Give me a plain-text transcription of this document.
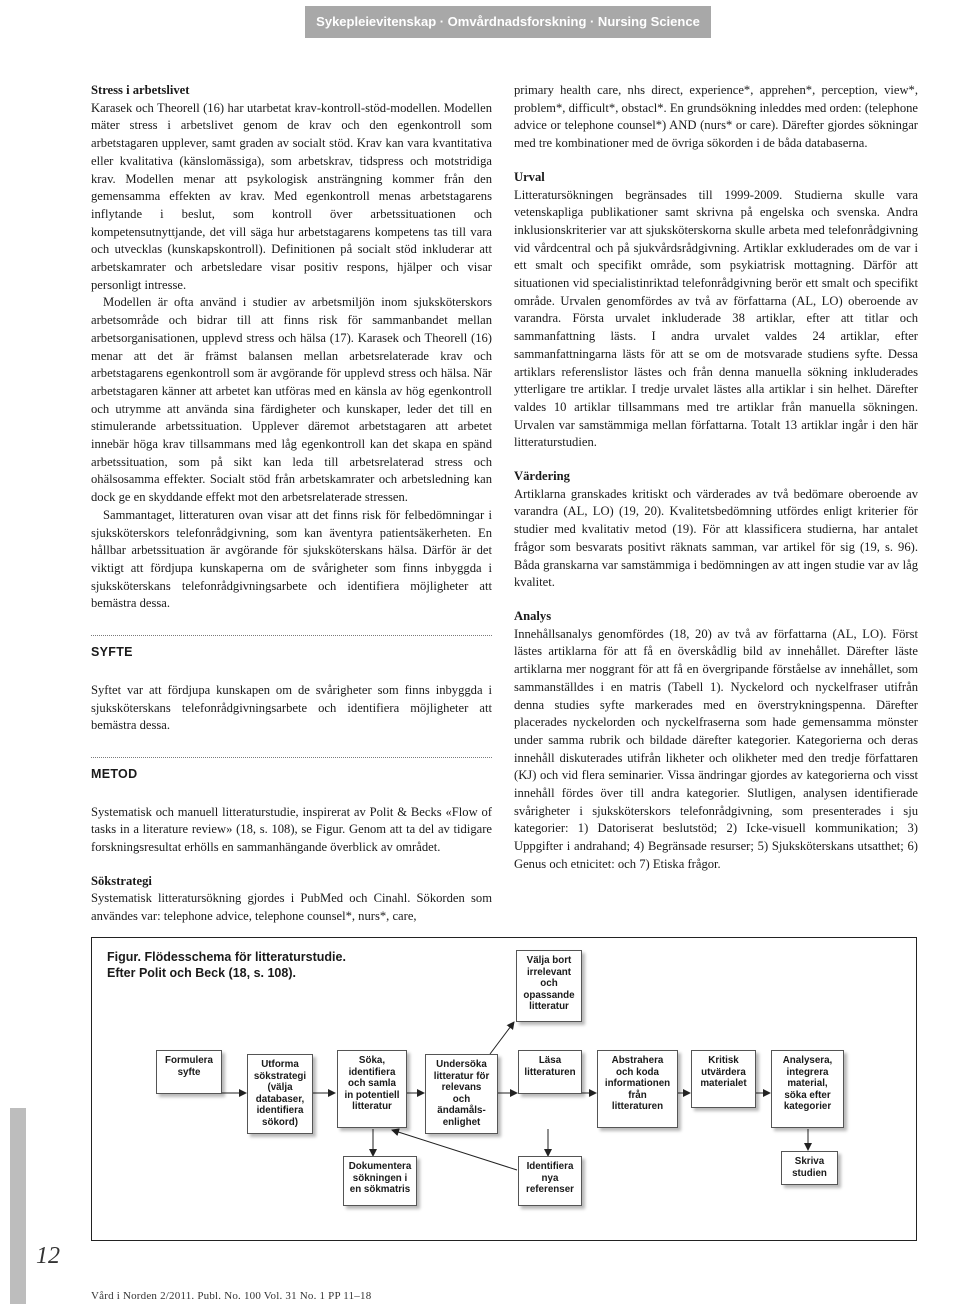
Sykepleievitenskap · Omvårdnadsforskning · Nursing Science
Stress i arbetslivet

Karasek och Theorell (16) har utarbetat krav-kontroll-stöd-modellen. Modellen mäter stress i arbetslivet genom de krav och den egenkontroll som arbetstagaren upplever, samt graden av socialt stöd. Krav kan vara kvantitativa eller kvalitativa (känslomässiga), som arbetskrav, tidspress och motstridiga krav. Modellen menar att psykologisk ansträngning kommer från den gemensamma effekten av krav. Med egenkontroll menas arbetstagarens inflytande i beslut, som kontroll över arbetssituationen och kompetensutnyttjande, det vill säga hur arbetstagarens kompetens tas till vara och utvecklas (kunskapskontroll). Definitionen på socialt stöd inkluderar att arbetskamrater och arbetsledare visar positiv respons, hjälper och visar personligt intresse.

Modellen är ofta använd i studier av arbetsmiljön inom sjuksköterskors arbetsområde och bidrar till att finns risk för sammanbandet mellan arbetsorganisationen, upplevd stress och hälsa (17). Karasek och Theorell (16) menar att det är främst balansen mellan arbetsrelaterade krav och arbetstagarens egenkontroll som är avgörande för upplevd stress och hälsa. När arbetstagaren känner att arbetet kan utföras med en känsla av hög egenkontroll och utrymme att använda sina färdigheter och kunskaper, leder det till en stimulerande arbetssituation. Upplever däremot arbetstagaren att arbetet innebär höga krav tillsammans med låg egenkontroll kan det skapa en spänd arbetssituation, som på sikt kan leda till arbetsrelaterad stress och ohälsosamma effekter. Socialt stöd från arbetskamrater och arbetsledning kan dock ge en skyddande effekt mot den arbetsrelaterade stressen.

Sammantaget, litteraturen ovan visar att det finns risk för felbedömningar i sjuksköterskors telefonrådgivning, som kan äventyra patientsäkerheten. En hållbar arbetssituation är avgörande för sjuksköterskans hälsa. Därför är det viktigt att fördjupa kunskaperna om de svårigheter som finns inbyggda i sjuksköterskans telefonrådgivningsarbete och identifiera möjligheter att bemästra dessa.

SYFTE

Syftet var att fördjupa kunskapen om de svårigheter som finns inbyggda i sjuksköterskans telefonrådgivningsarbete och identifiera möjligheter att bemästra dessa.

METOD

Systematisk och manuell litteraturstudie, inspirerat av Polit & Becks «Flow of tasks in a literature review» (18, s. 108), se Figur. Genom att ta del av tidigare forskningsresultat erhölls en sammanhängande överblick av området.

Sökstrategi

Systematisk litteratursökning gjordes i PubMed och Cinahl. Sökorden som användes var: telephone advice, telephone counsel*, nurs*, care,

primary health care, nhs direct, experience*, apprehen*, perception, view*, problem*, difficult*, obstacl*. En grundsökning inleddes med orden: (telephone advice or telephone counsel*) AND (nurs* or care). Därefter gjordes sökningar med tre kombinationer med de övriga sökorden i de båda databaserna.

Urval

Litteratursökningen begränsades till 1999-2009. Studierna skulle vara vetenskapliga publikationer samt skrivna på engelska och svenska. Andra inklusionskriterier var att sjuksköterskorna skulle arbeta med telefonrådgivning vid vårdcentral och på sjukvårdsrådgivning. Artiklar exkluderades om de var i ett smalt och specifikt område, som psykiatrisk mottagning. Därför att situationen vid specialistinriktad telefonrådgivning berör ett smalt och specifikt område. Urvalen genomfördes av två av författarna (AL, LO) oberoende av varandra. Första urvalet inkluderade 38 artiklar, efter att titlar och sammanfattning lästs. I andra urvalet valdes 24 artiklar, efter sammanfattningarna lästs för att se om de motsvarade studiens syfte. Dessa artiklars referenslistor lästes och från denna manuella sökning inkluderades ytterligare tre artiklar. I tredje urvalet lästes alla artiklar i sin helhet. Därefter valdes 10 artiklar tillsammans med tre artiklar från manuella sökningen. Urvalen var samstämmiga mellan författarna. Totalt 13 artiklar ingår i den här litteraturstudien.

Värdering

Artiklarna granskades kritiskt och värderades av två bedömare oberoende av varandra (AL, LO) (19, 20). Kvalitetsbedömning utfördes enligt kriterier för studier med kvalitativ metod (19). För att klassificera studierna, har antalet frågor som besvarats positivt räknats samman, var artikel för sig (19, s. 96). Båda granskarna var samstämmiga i bedömningen av att ingen studie var av låg kvalitet.

Analys

Innehållsanalys genomfördes (18, 20) av två av författarna (AL, LO). Först lästes artiklarna för att få en överskådlig bild av innehållet. Därefter läste artiklarna mer noggrant för att få en övergripande förståelse av innehållet, som sammanställdes i en matris (Tabell 1). Nyckelord och nyckelfraser utifrån denna studies syfte markerades med en överstrykningspenna. Därefter placerades nyckelorden och nyckelfraserna som hade gemensamma mönster under samma rubrik och bildade därefter kategorier. Kategorierna och deras innehåll diskuterades utifrån likheter och olikheter med den tredje författaren (KJ) och vid flera seminarier. Vissa ändringar gjordes av kategorierna och visst innehåll fördes över till andra kategorier. Slutligen, analysen identifierade svårigheter i sjuksköterskors telefonrådgivning, som presenterades i sju kategorier: 1) Datoriserat beslutstöd; 2) Icke-visuell kommunikation; 3) Uppgifter i andrahand; 4) Begränsade resurser; 5) Sjuksköterskans utsatthet; 6) Genus och etnicitet: och 7) Etiska frågor.

Figur. Flödesschema för litteraturstudie.
Efter Polit och Beck (18, s. 108).
Välja bort
irrelevant
och
opassande
litteratur
Formulera
syfte
Utforma
sökstrategi
(välja
databaser,
identifiera
sökord)
Söka,
identifiera
och samla
in potentiell
litteratur
Undersöka
litteratur för
relevans
och
ändamåls-
enlighet
Läsa
litteraturen
Abstrahera
och koda
informationen
från
litteraturen
Kritisk
utvärdera
materialet
Analysera,
integrera
material,
söka efter
kategorier
Dokumentera
sökningen i
en sökmatris
Identifiera
nya
referenser
Skriva
studien
12
Vård i Norden 2/2011. Publ. No. 100 Vol. 31 No. 1 PP 11–18
